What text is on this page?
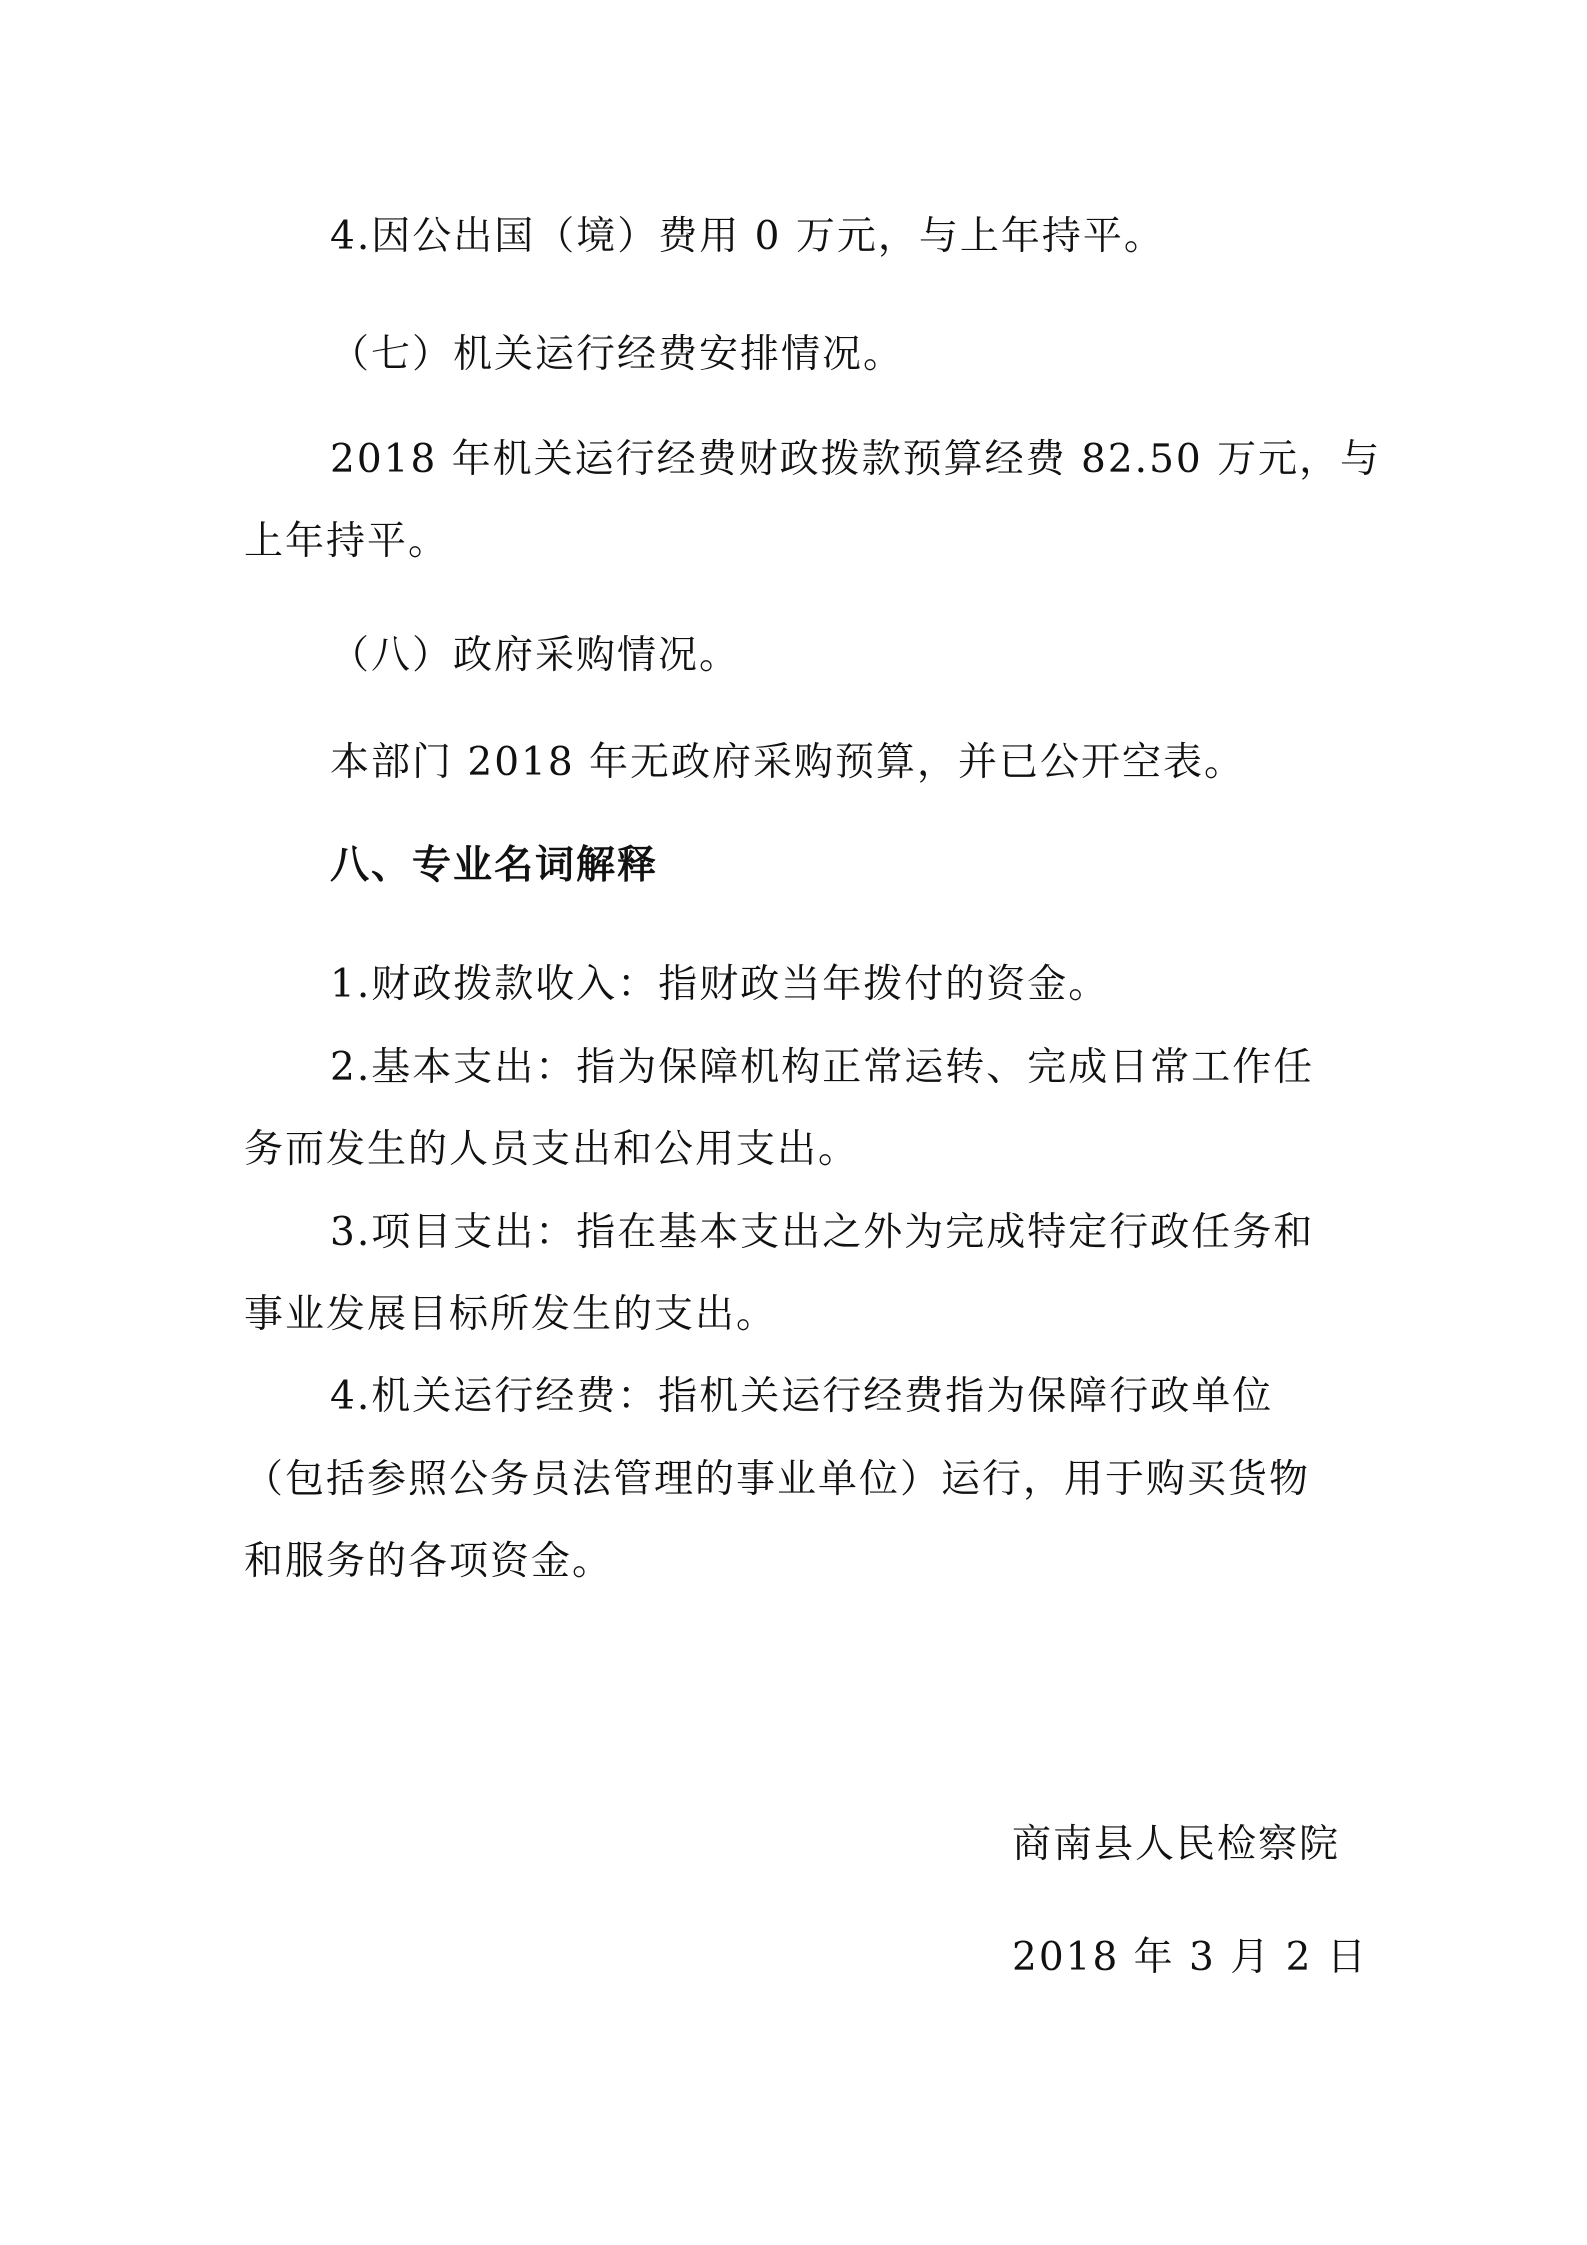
4.因公出国（境）费用 0 万元，与上年持平。
（七）机关运行经费安排情况。
2018 年机关运行经费财政拨款预算经费 82.50 万元，与
上年持平。
（八）政府采购情况。
本部门 2018 年无政府采购预算，并已公开空表。
八、专业名词解释
1.财政拨款收入：指财政当年拨付的资金。
2.基本支出：指为保障机构正常运转、完成日常工作任
务而发生的人员支出和公用支出。
3.项目支出：指在基本支出之外为完成特定行政任务和
事业发展目标所发生的支出。
4.机关运行经费：指机关运行经费指为保障行政单位
（包括参照公务员法管理的事业单位）运行，用于购买货物
和服务的各项资金。
商南县人民检察院
2018 年 3 月 2 日
